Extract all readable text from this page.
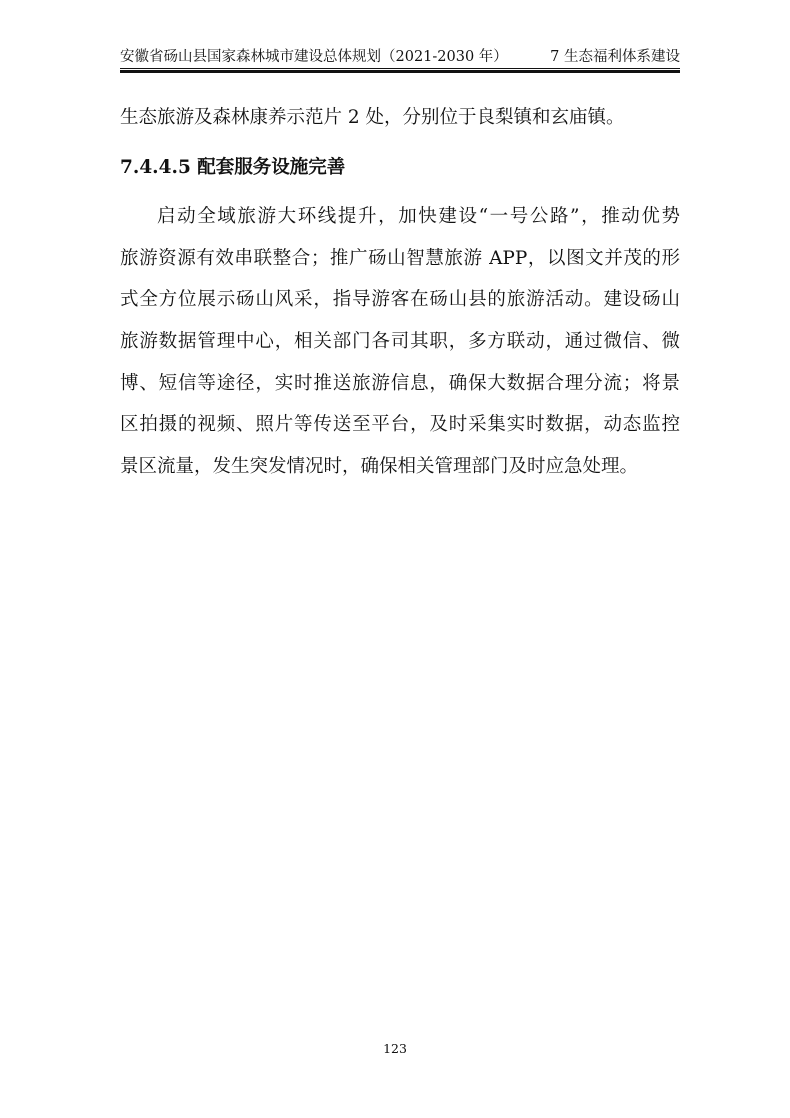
安徽省砀山县国家森林城市建设总体规划（2021-2030 年）	7 生态福利体系建设
生态旅游及森林康养示范片 2 处，分别位于良梨镇和玄庙镇。
7.4.4.5 配套服务设施完善

启动全域旅游大环线提升，加快建设“一号公路”，推动优势
旅游资源有效串联整合；推广砀山智慧旅游 APP，以图文并茂的形
式全方位展示砀山风采，指导游客在砀山县的旅游活动。建设砀山
旅游数据管理中心，相关部门各司其职，多方联动，通过微信、微
博、短信等途径，实时推送旅游信息，确保大数据合理分流；将景
区拍摄的视频、照片等传送至平台，及时采集实时数据，动态监控
景区流量，发生突发情况时，确保相关管理部门及时应急处理。

123
